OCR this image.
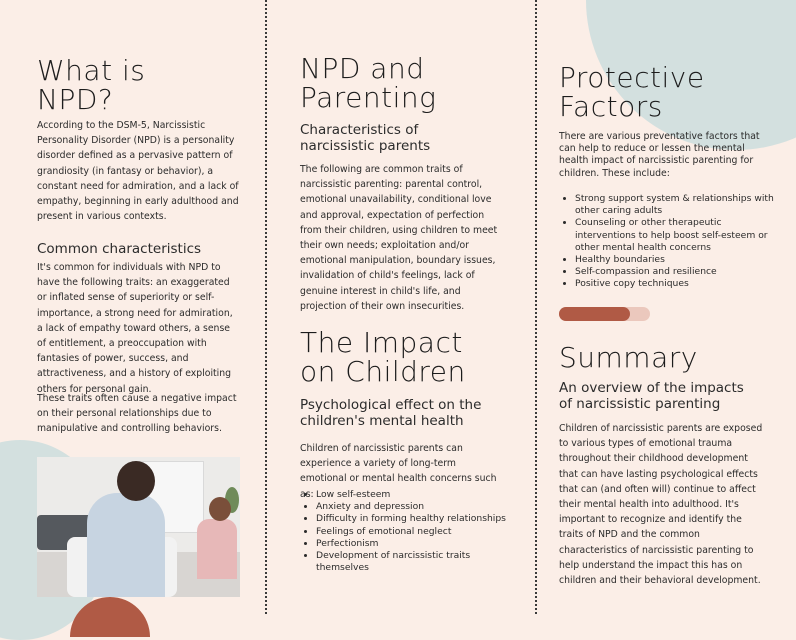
What is
NPD?

According to the DSM-5, Narcissistic Personality Disorder (NPD) is a personality disorder defined as a pervasive pattern of grandiosity (in fantasy or behavior), a constant need for admiration, and a lack of empathy, beginning in early adulthood and present in various contexts.

Common characteristics

It's common for individuals with NPD to have the following traits: an exaggerated or inflated sense of superiority or self-importance, a strong need for admiration, a lack of empathy toward others, a sense of entitlement, a preoccupation with fantasies of power, success, and attractiveness, and a history of exploiting others for personal gain.

These traits often cause a negative impact on their personal relationships due to manipulative and controlling behaviors.

NPD and
Parenting
Characteristics of
narcissistic parents

The following are common traits of narcissistic parenting: parental control, emotional unavailability, conditional love and approval, expectation of perfection from their children, using children to meet their own needs; exploitation and/or emotional manipulation, boundary issues, invalidation of child's feelings, lack of genuine interest in child's life, and projection of their own insecurities.

The Impact
on Children
Psychological effect on the
children's mental health

Children of narcissistic parents can experience a variety of long-term emotional or mental health concerns such as:

• Low self-esteem
• Anxiety and depression
• Difficulty in forming healthy relationships
• Feelings of emotional neglect
• Perfectionism
• Development of narcissistic traits themselves
Protective
Factors

There are various preventative factors that can help to reduce or lessen the mental health impact of narcissistic parenting for children. These include:

• Strong support system & relationships with other caring adults
• Counseling or other therapeutic interventions to help boost self-esteem or other mental health concerns
• Healthy boundaries
• Self-compassion and resilience
• Positive copy techniques
Summary
An overview of the impacts
of narcissistic parenting

Children of narcissistic parents are exposed to various types of emotional trauma throughout their childhood development that can have lasting psychological effects that can (and often will) continue to affect their mental health into adulthood. It's important to recognize and identify the traits of NPD and the common characteristics of narcissistic parenting to help understand the impact this has on children and their behavioral development.
